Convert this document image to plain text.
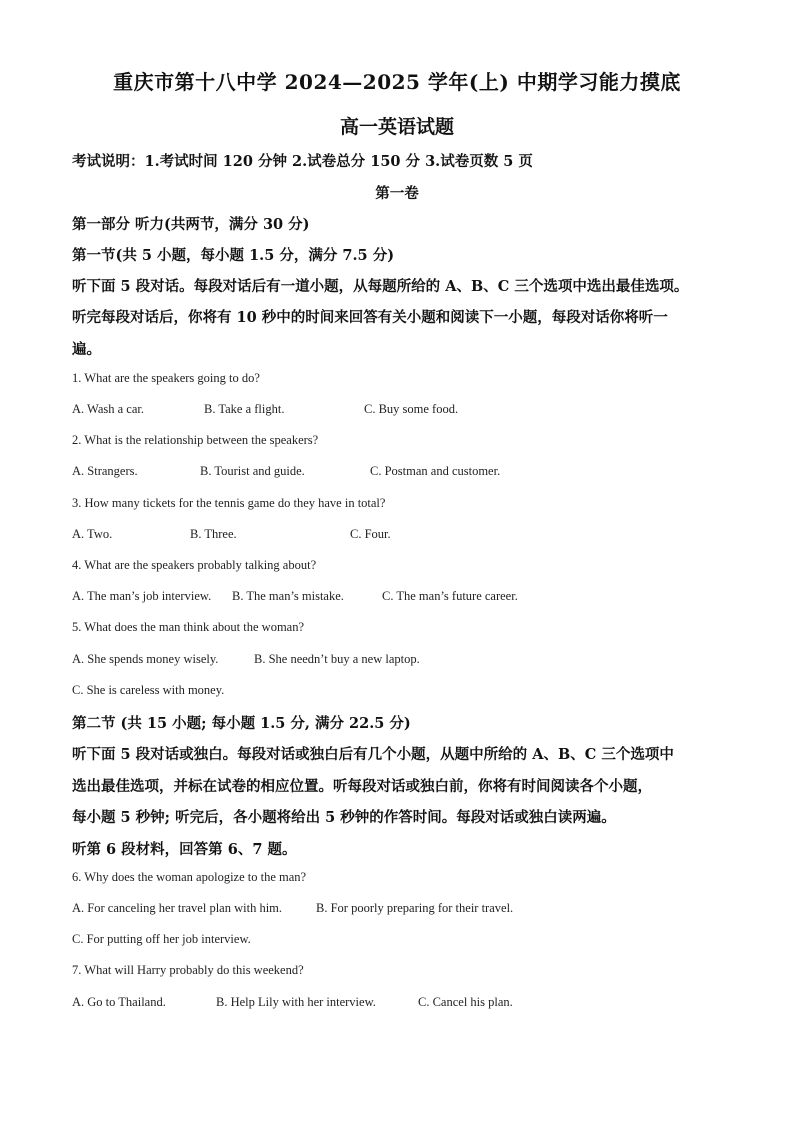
重庆市第十八中学 2024—2025 学年(上) 中期学习能力摸底
高一英语试题
考试说明：1.考试时间 120 分钟 2.试卷总分 150 分 3.试卷页数 5 页
第一卷
第一部分 听力(共两节，满分 30 分)
第一节(共 5 小题，每小题 1.5 分，满分 7.5 分)
听下面 5 段对话。每段对话后有一道小题，从每题所给的 A、B、C 三个选项中选出最佳选项。
听完每段对话后，你将有 10 秒中的时间来回答有关小题和阅读下一小题，每段对话你将听一
遍。
1. What are the speakers going to do?
A. Wash a car.	B. Take a flight.	C. Buy some food.
2. What is the relationship between the speakers?
A. Strangers.	B. Tourist and guide.	C. Postman and customer.
3. How many tickets for the tennis game do they have in total?
A. Two.	B. Three.	C. Four.
4. What are the speakers probably talking about?
A. The man’s job interview. B. The man’s mistake.	C. The man’s future career.
5. What does the man think about the woman?
A. She spends money wisely.	B. She needn’t buy a new laptop.
C. She is careless with money.
第二节 (共 15 小题; 每小题 1.5 分, 满分 22.5 分)
听下面 5 段对话或独白。每段对话或独白后有几个小题，从题中所给的 A、B、C 三个选项中
选出最佳选项，并标在试卷的相应位置。听每段对话或独白前，你将有时间阅读各个小题，
每小题 5 秒钟; 听完后，各小题将给出 5 秒钟的作答时间。每段对话或独白读两遍。
听第 6 段材料，回答第 6、7 题。
6. Why does the woman apologize to the man?
A. For canceling her travel plan with him.	B. For poorly preparing for their travel.
C. For putting off her job interview.
7. What will Harry probably do this weekend?
A. Go to Thailand.	B. Help Lily with her interview.	C. Cancel his plan.
